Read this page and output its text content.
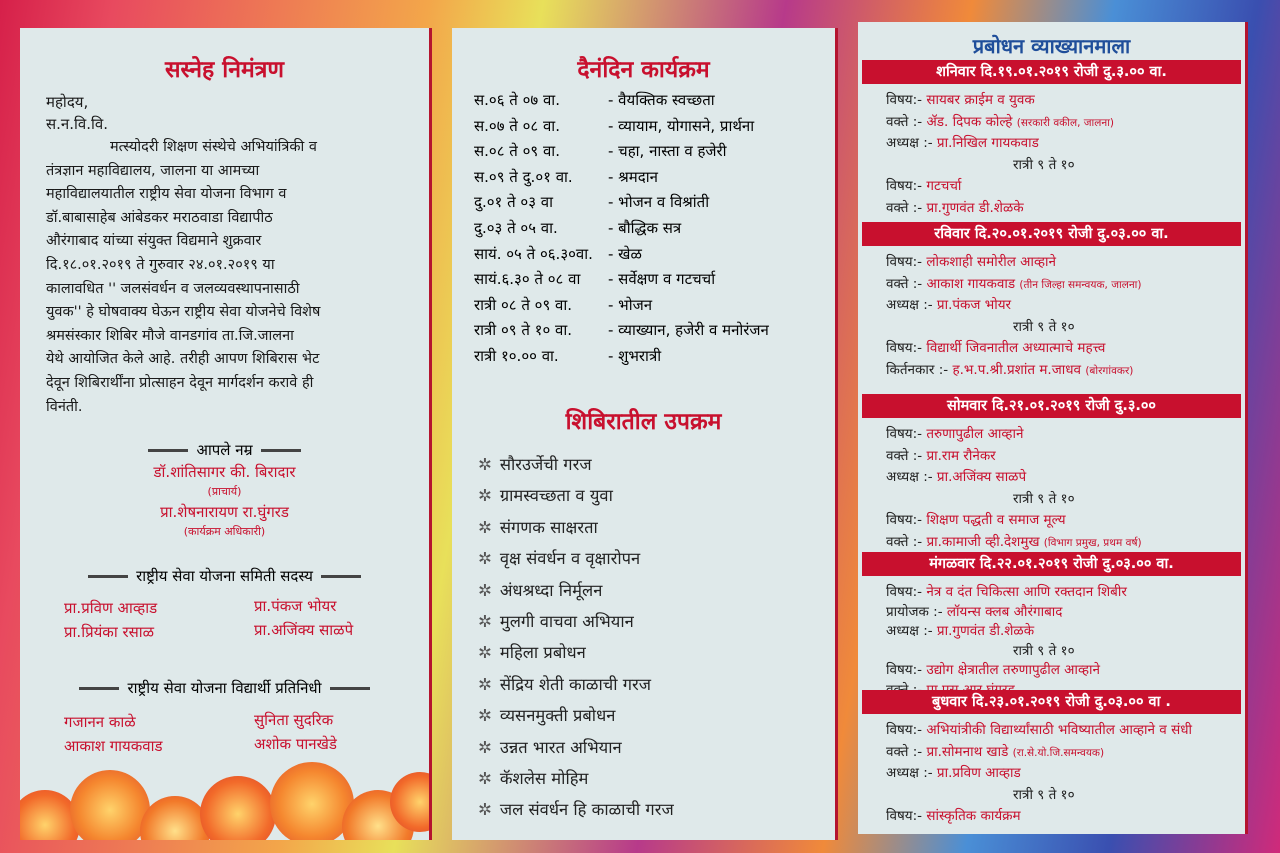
सस्नेह निमंत्रण
महोदय,
स.न.वि.वि.
मत्स्योदरी शिक्षण संस्थेचे अभियांत्रिकी व
तंत्रज्ञान महाविद्यालय, जालना या आमच्या
महाविद्यालयातील राष्ट्रीय सेवा योजना विभाग व
डॉ.बाबासाहेब आंबेडकर मराठवाडा विद्यापीठ
औरंगाबाद यांच्या संयुक्त विद्यमाने शुक्रवार
दि.१८.०१.२०१९ ते गुरुवार २४.०१.२०१९ या
कालावधित '' जलसंवर्धन व जलव्यवस्थापनासाठी
युवक'' हे घोषवाक्य घेऊन राष्ट्रीय सेवा योजनेचे विशेष
श्रमसंस्कार शिबिर मौजे वानडगांव ता.जि.जालना
येथे आयोजित केले आहे. तरीही आपण शिबिरास भेट
देवून शिबिरार्थींना प्रोत्साहन देवून मार्गदर्शन करावे ही
विनंती.
आपले नम्र
डॉ.शांतिसागर की. बिरादार
(प्राचार्य)
प्रा.शेषनारायण रा.घुंगरड
(कार्यक्रम अधिकारी)
राष्ट्रीय सेवा योजना समिती सदस्य
प्रा.प्रविण आव्हाड	प्रा.पंकज भोयर
प्रा.प्रियंका रसाळ	प्रा.अजिंक्य साळपे
राष्ट्रीय सेवा योजना विद्यार्थी प्रतिनिधी
गजानन काळे	सुनिता सुदरिक
आकाश गायकवाड	अशोक पानखेडे
दैनंदिन कार्यक्रम
स.०६ ते ०७ वा.	- वैयक्तिक स्वच्छता
स.०७ ते ०८ वा.	- व्यायाम, योगासने, प्रार्थना
स.०८ ते ०९ वा.	- चहा, नास्ता व हजेरी
स.०९ ते दु.०१ वा. - श्रमदान
दु.०१ ते ०३ वा	- भोजन व विश्रांती
दु.०३ ते ०५ वा.	- बौद्धिक सत्र
सायं. ०५ ते ०६.३०वा. - खेळ
सायं.६.३० ते ०८ वा - सर्वेक्षण व गटचर्चा
रात्री ०८ ते ०९ वा. - भोजन
रात्री ०९ ते १० वा. - व्याख्यान, हजेरी व मनोरंजन
रात्री १०.०० वा.	- शुभरात्री
शिबिरातील उपक्रम
✲ सौरउर्जेची गरज
✲ ग्रामस्वच्छता व युवा
✲ संगणक साक्षरता
✲ वृक्ष संवर्धन व वृक्षारोपन
✲ अंधश्रध्दा निर्मूलन
✲ मुलगी वाचवा अभियान
✲ महिला प्रबोधन
✲ सेंद्रिय शेती काळाची गरज
✲ व्यसनमुक्ती प्रबोधन
✲ उन्नत भारत अभियान
✲ कॅशलेस मोहिम
✲ जल संवर्धन हि काळाची गरज
प्रबोधन व्याख्यानमाला
शनिवार दि.१९.०१.२०१९ रोजी दु.३.०० वा.
विषय:- सायबर क्राईम व युवक
वक्ते :- ॲड. दिपक कोल्हे (सरकारी वकील, जालना)
अध्यक्ष :- प्रा.निखिल गायकवाड
रात्री ९ ते १०
विषय:- गटचर्चा
वक्ते :- प्रा.गुणवंत डी.शेळके
रविवार दि.२०.०१.२०१९ रोजी दु.०३.०० वा.
विषय:- लोकशाही समोरील आव्हाने
वक्ते :- आकाश गायकवाड (तीन जिल्हा समन्वयक, जालना)
अध्यक्ष :- प्रा.पंकज भोयर
रात्री ९ ते १०
विषय:- विद्यार्थी जिवनातील अध्यात्माचे महत्त्व
किर्तनकार :- ह.भ.प.श्री.प्रशांत म.जाधव (बोरगांवकर)
सोमवार दि.२१.०१.२०१९ रोजी दु.३.००
विषय:- तरुणापुढील आव्हाने
वक्ते :- प्रा.राम रौनेकर
अध्यक्ष :- प्रा.अजिंक्य साळपे
रात्री ९ ते १०
विषय:- शिक्षण पद्धती व समाज मूल्य
वक्ते :- प्रा.कामाजी व्ही.देशमुख (विभाग प्रमुख, प्रथम वर्ष)
मंगळवार दि.२२.०१.२०१९ रोजी दु.०३.०० वा.
विषय:- नेत्र व दंत चिकित्सा आणि रक्तदान शिबीर
प्रायोजक :- लॉयन्स क्लब औरंगाबाद
अध्यक्ष :- प्रा.गुणवंत डी.शेळके
रात्री ९ ते १०
विषय:- उद्योग क्षेत्रातील तरुणापुढील आव्हाने
बुधवार दि.२३.०१.२०१९ रोजी दु.०३.०० वा .
विषय:- अभियांत्रीकी विद्यार्थ्यांसाठी भविष्यातील आव्हाने व संधी
वक्ते :- प्रा.सोमनाथ खाडे (रा.से.यो.जि.समन्वयक)
अध्यक्ष :- प्रा.प्रविण आव्हाड
रात्री ९ ते १०
विषय:- सांस्कृतिक कार्यक्रम
